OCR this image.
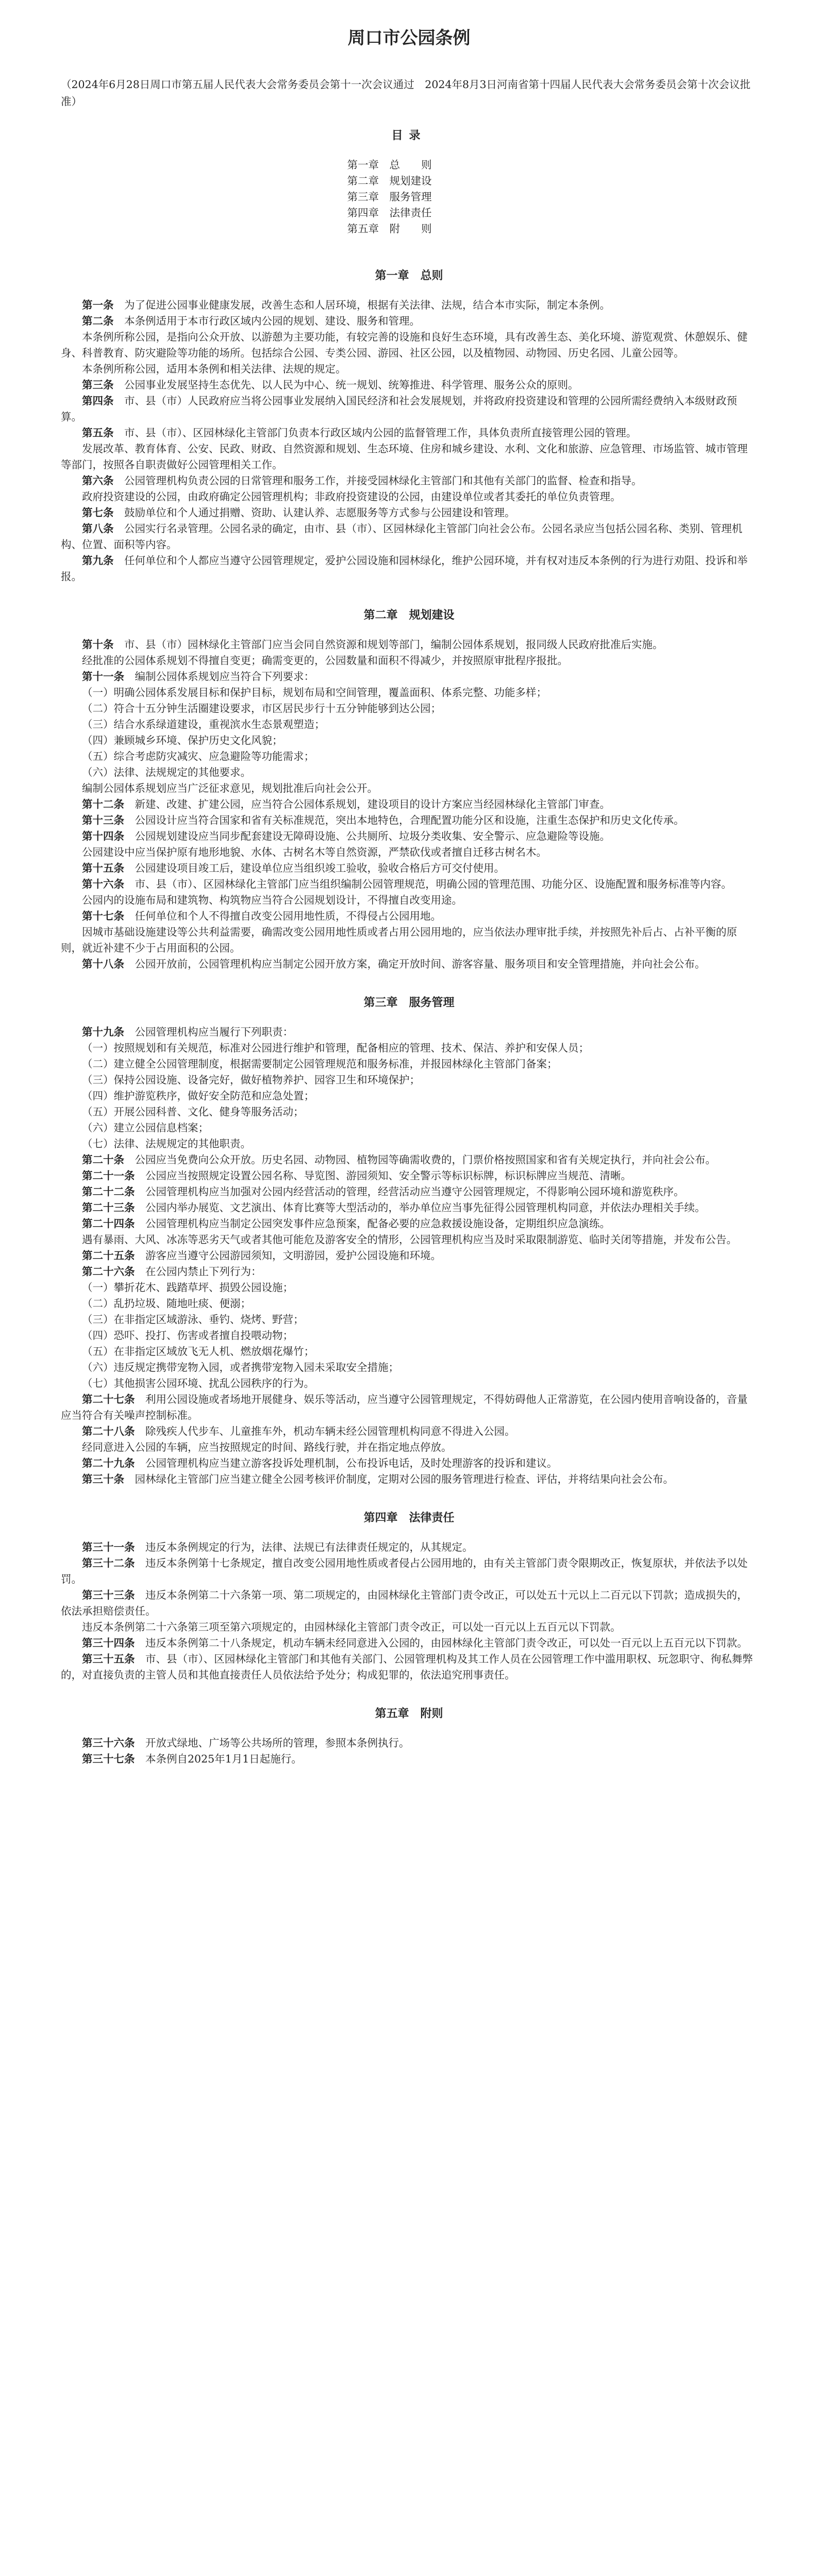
周口市公园条例
（2024年6月28日周口市第五届人民代表大会常务委员会第十一次会议通过　2024年8月3日河南省第十四届人民代表大会常务委员会第十次会议批准）
目录
第一章　总　　则
第二章　规划建设
第三章　服务管理
第四章　法律责任
第五章　附　　则
第一章　总则

第一条　 为了促进公园事业健康发展，改善生态和人居环境，根据有关法律、法规，结合本市实际，制定本条例。

第二条　 本条例适用于本市行政区域内公园的规划、建设、服务和管理。

本条例所称公园，是指向公众开放、以游憩为主要功能，有较完善的设施和良好生态环境，具有改善生态、美化环境、游览观赏、休憩娱乐、健身、科普教育、防灾避险等功能的场所。包括综合公园、专类公园、游园、社区公园，以及植物园、动物园、历史名园、儿童公园等。

本条例所称公园，适用本条例和相关法律、法规的规定。

第三条　 公园事业发展坚持生态优先、以人民为中心、统一规划、统筹推进、科学管理、服务公众的原则。

第四条　 市、县（市）人民政府应当将公园事业发展纳入国民经济和社会发展规划，并将政府投资建设和管理的公园所需经费纳入本级财政预算。

第五条　 市、县（市）、区园林绿化主管部门负责本行政区域内公园的监督管理工作，具体负责所直接管理公园的管理。

发展改革、教育体育、公安、民政、财政、自然资源和规划、生态环境、住房和城乡建设、水利、文化和旅游、应急管理、市场监管、城市管理等部门，按照各自职责做好公园管理相关工作。

第六条　 公园管理机构负责公园的日常管理和服务工作，并接受园林绿化主管部门和其他有关部门的监督、检查和指导。

政府投资建设的公园，由政府确定公园管理机构；非政府投资建设的公园，由建设单位或者其委托的单位负责管理。

第七条　 鼓励单位和个人通过捐赠、资助、认建认养、志愿服务等方式参与公园建设和管理。

第八条　 公园实行名录管理。公园名录的确定，由市、县（市）、区园林绿化主管部门向社会公布。公园名录应当包括公园名称、类别、管理机构、位置、面积等内容。

第九条　 任何单位和个人都应当遵守公园管理规定，爱护公园设施和园林绿化，维护公园环境，并有权对违反本条例的行为进行劝阻、投诉和举报。

第二章　规划建设

第十条　 市、县（市）园林绿化主管部门应当会同自然资源和规划等部门，编制公园体系规划，报同级人民政府批准后实施。

经批准的公园体系规划不得擅自变更；确需变更的，公园数量和面积不得减少，并按照原审批程序报批。

第十一条　 编制公园体系规划应当符合下列要求：

（一）明确公园体系发展目标和保护目标，规划布局和空间管理，覆盖面积、体系完整、功能多样；

（二）符合十五分钟生活圈建设要求，市区居民步行十五分钟能够到达公园；

（三）结合水系绿道建设，重视滨水生态景观塑造；

（四）兼顾城乡环境、保护历史文化风貌；

（五）综合考虑防灾减灾、应急避险等功能需求；

（六）法律、法规规定的其他要求。

编制公园体系规划应当广泛征求意见，规划批准后向社会公开。

第十二条　 新建、改建、扩建公园，应当符合公园体系规划，建设项目的设计方案应当经园林绿化主管部门审查。

第十三条　 公园设计应当符合国家和省有关标准规范，突出本地特色，合理配置功能分区和设施，注重生态保护和历史文化传承。

第十四条　 公园规划建设应当同步配套建设无障碍设施、公共厕所、垃圾分类收集、安全警示、应急避险等设施。

公园建设中应当保护原有地形地貌、水体、古树名木等自然资源，严禁砍伐或者擅自迁移古树名木。

第十五条　 公园建设项目竣工后，建设单位应当组织竣工验收，验收合格后方可交付使用。

第十六条　 市、县（市）、区园林绿化主管部门应当组织编制公园管理规范，明确公园的管理范围、功能分区、设施配置和服务标准等内容。

公园内的设施布局和建筑物、构筑物应当符合公园规划设计，不得擅自改变用途。

第十七条　 任何单位和个人不得擅自改变公园用地性质，不得侵占公园用地。

因城市基础设施建设等公共利益需要，确需改变公园用地性质或者占用公园用地的，应当依法办理审批手续，并按照先补后占、占补平衡的原则，就近补建不少于占用面积的公园。

第十八条　 公园开放前，公园管理机构应当制定公园开放方案，确定开放时间、游客容量、服务项目和安全管理措施，并向社会公布。

第三章　服务管理

第十九条　 公园管理机构应当履行下列职责：

（一）按照规划和有关规范，标准对公园进行维护和管理，配备相应的管理、技术、保洁、养护和安保人员；

（二）建立健全公园管理制度，根据需要制定公园管理规范和服务标准，并报园林绿化主管部门备案；

（三）保持公园设施、设备完好，做好植物养护、园容卫生和环境保护；

（四）维护游览秩序，做好安全防范和应急处置；

（五）开展公园科普、文化、健身等服务活动；

（六）建立公园信息档案；

（七）法律、法规规定的其他职责。

第二十条　 公园应当免费向公众开放。历史名园、动物园、植物园等确需收费的，门票价格按照国家和省有关规定执行，并向社会公布。

第二十一条　 公园应当按照规定设置公园名称、导览图、游园须知、安全警示等标识标牌，标识标牌应当规范、清晰。

第二十二条　 公园管理机构应当加强对公园内经营活动的管理，经营活动应当遵守公园管理规定，不得影响公园环境和游览秩序。

第二十三条　 公园内举办展览、文艺演出、体育比赛等大型活动的，举办单位应当事先征得公园管理机构同意，并依法办理相关手续。

第二十四条　 公园管理机构应当制定公园突发事件应急预案，配备必要的应急救援设施设备，定期组织应急演练。

遇有暴雨、大风、冰冻等恶劣天气或者其他可能危及游客安全的情形，公园管理机构应当及时采取限制游览、临时关闭等措施，并发布公告。

第二十五条　 游客应当遵守公园游园须知，文明游园，爱护公园设施和环境。

第二十六条　 在公园内禁止下列行为：

（一）攀折花木、践踏草坪、损毁公园设施；

（二）乱扔垃圾、随地吐痰、便溺；

（三）在非指定区域游泳、垂钓、烧烤、野营；

（四）恐吓、投打、伤害或者擅自投喂动物；

（五）在非指定区域放飞无人机、燃放烟花爆竹；

（六）违反规定携带宠物入园，或者携带宠物入园未采取安全措施；

（七）其他损害公园环境、扰乱公园秩序的行为。

第二十七条　 利用公园设施或者场地开展健身、娱乐等活动，应当遵守公园管理规定，不得妨碍他人正常游览，在公园内使用音响设备的，音量应当符合有关噪声控制标准。

第二十八条　 除残疾人代步车、儿童推车外，机动车辆未经公园管理机构同意不得进入公园。

经同意进入公园的车辆，应当按照规定的时间、路线行驶，并在指定地点停放。

第二十九条　 公园管理机构应当建立游客投诉处理机制，公布投诉电话，及时处理游客的投诉和建议。

第三十条　 园林绿化主管部门应当建立健全公园考核评价制度，定期对公园的服务管理进行检查、评估，并将结果向社会公布。

第四章　法律责任

第三十一条　 违反本条例规定的行为，法律、法规已有法律责任规定的，从其规定。

第三十二条　 违反本条例第十七条规定，擅自改变公园用地性质或者侵占公园用地的，由有关主管部门责令限期改正，恢复原状，并依法予以处罚。

第三十三条　 违反本条例第二十六条第一项、第二项规定的，由园林绿化主管部门责令改正，可以处五十元以上二百元以下罚款；造成损失的，依法承担赔偿责任。

违反本条例第二十六条第三项至第六项规定的，由园林绿化主管部门责令改正，可以处一百元以上五百元以下罚款。

第三十四条　 违反本条例第二十八条规定，机动车辆未经同意进入公园的，由园林绿化主管部门责令改正，可以处一百元以上五百元以下罚款。

第三十五条　 市、县（市）、区园林绿化主管部门和其他有关部门、公园管理机构及其工作人员在公园管理工作中滥用职权、玩忽职守、徇私舞弊的，对直接负责的主管人员和其他直接责任人员依法给予处分；构成犯罪的，依法追究刑事责任。

第五章　附则

第三十六条　 开放式绿地、广场等公共场所的管理，参照本条例执行。

第三十七条　 本条例自2025年1月1日起施行。
